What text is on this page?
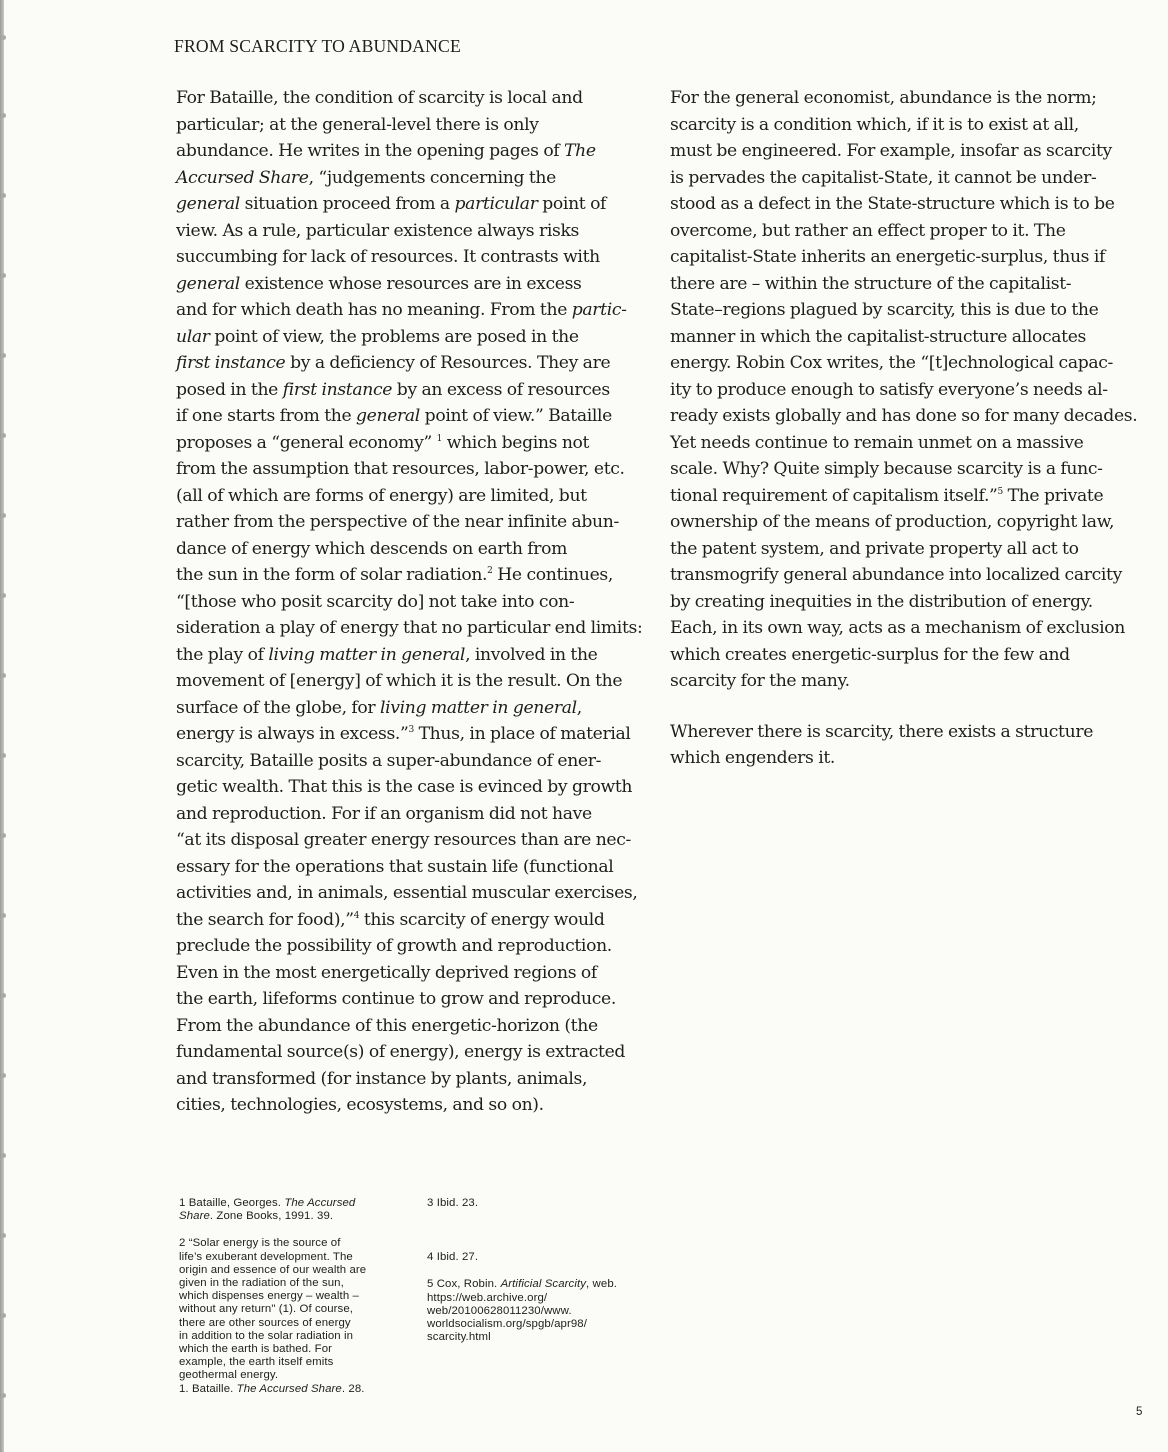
FROM SCARCITY TO ABUNDANCE
For Bataille, the condition of scarcity is local and
particular; at the general-level there is only
abundance. He writes in the opening pages of The
Accursed Share, “judgements concerning the
general situation proceed from a particular point of
view. As a rule, particular existence always risks
succumbing for lack of resources. It contrasts with
general existence whose resources are in excess
and for which death has no meaning. From the partic-
ular point of view, the problems are posed in the
first instance by a deficiency of Resources. They are
posed in the first instance by an excess of resources
if one starts from the general point of view.” Bataille
proposes a “general economy” $^1$ which begins not
from the assumption that resources, labor-power, etc.
(all of which are forms of energy) are limited, but
rather from the perspective of the near infinite abun-
dance of energy which descends on earth from
the sun in the form of solar radiation.$^2$ He continues,
“[those who posit scarcity do] not take into con-
sideration a play of energy that no particular end limits:
the play of living matter in general, involved in the
movement of [energy] of which it is the result. On the
surface of the globe, for living matter in general,
energy is always in excess.”$^3$ Thus, in place of material
scarcity, Bataille posits a super-abundance of ener-
getic wealth. That this is the case is evinced by growth
and reproduction. For if an organism did not have
“at its disposal greater energy resources than are nec-
essary for the operations that sustain life (functional
activities and, in animals, essential muscular exercises,
the search for food),”$^4$ this scarcity of energy would
preclude the possibility of growth and reproduction.
Even in the most energetically deprived regions of
the earth, lifeforms continue to grow and reproduce.
From the abundance of this energetic-horizon (the
fundamental source(s) of energy), energy is extracted
and transformed (for instance by plants, animals,
cities, technologies, ecosystems, and so on).
For the general economist, abundance is the norm;
scarcity is a condition which, if it is to exist at all,
must be engineered. For example, insofar as scarcity
is pervades the capitalist-State, it cannot be under-
stood as a defect in the State-structure which is to be
overcome, but rather an effect proper to it. The
capitalist-State inherits an energetic-surplus, thus if
there are – within the structure of the capitalist-
State–regions plagued by scarcity, this is due to the
manner in which the capitalist-structure allocates
energy. Robin Cox writes, the “[t]echnological capac-
ity to produce enough to satisfy everyone’s needs al-
ready exists globally and has done so for many decades.
Yet needs continue to remain unmet on a massive
scale. Why? Quite simply because scarcity is a func-
tional requirement of capitalism itself.”$^5$ The private
ownership of the means of production, copyright law,
the patent system, and private property all act to
transmogrify general abundance into localized carcity
by creating inequities in the distribution of energy.
Each, in its own way, acts as a mechanism of exclusion
which creates energetic-surplus for the few and
scarcity for the many.
Wherever there is scarcity, there exists a structure
which engenders it.
1 Bataille, Georges. The Accursed
Share. Zone Books, 1991. 39.
2 “Solar energy is the source of
life’s exuberant development. The
origin and essence of our wealth are
given in the radiation of the sun,
which dispenses energy – wealth –
without any return" (1). Of course,
there are other sources of energy
in addition to the solar radiation in
which the earth is bathed. For
example, the earth itself emits
geothermal energy.
1. Bataille. The Accursed Share. 28.
3 Ibid. 23.
4 Ibid. 27.
5 Cox, Robin. Artificial Scarcity, web.
https://web.archive.org/
web/20100628011230/www.
worldsocialism.org/spgb/apr98/
scarcity.html
5
